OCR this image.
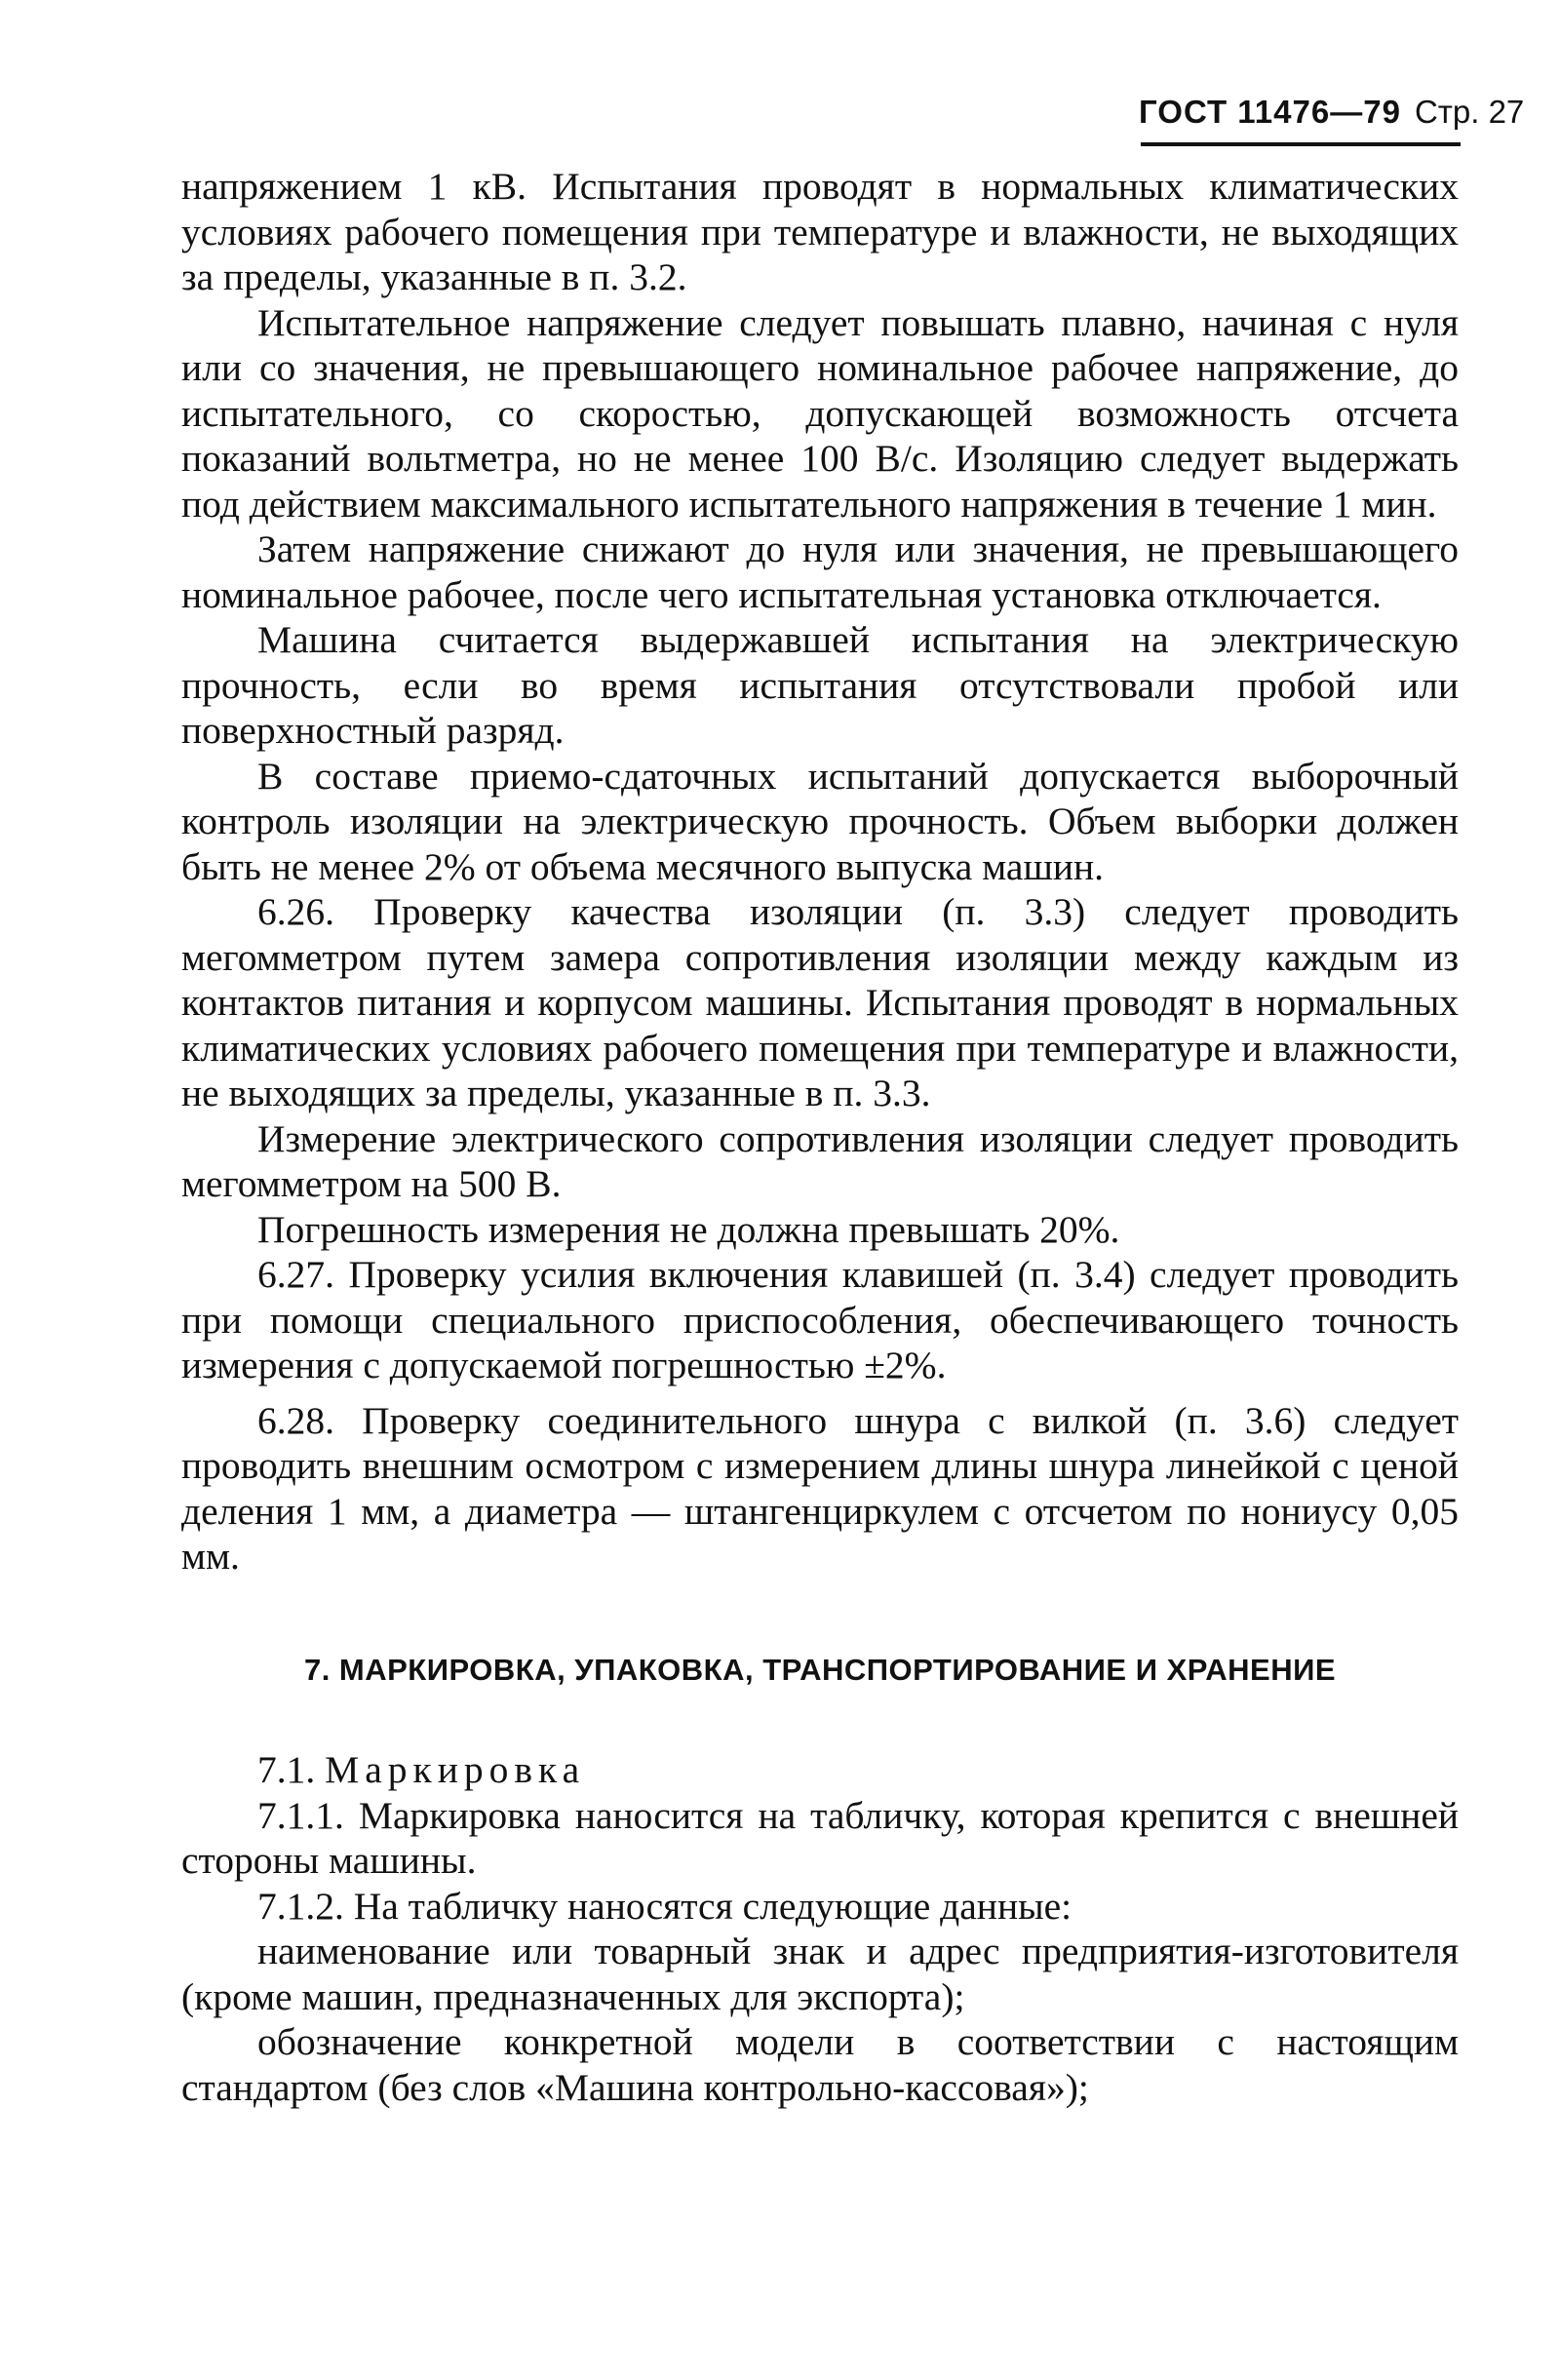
ГОСТ 11476—79 Стр. 27

напряжением 1 кВ. Испытания проводят в нормальных климатических условиях рабочего помещения при температуре и влажности, не выходящих за пределы, указанные в п. 3.2.

Испытательное напряжение следует повышать плавно, начиная с нуля или со значения, не превышающего номинальное рабочее напряжение, до испытательного, со скоростью, допускающей возможность отсчета показаний вольтметра, но не менее 100 В/с. Изоляцию следует выдержать под действием максимального испытательного напряжения в течение 1 мин.

Затем напряжение снижают до нуля или значения, не превышающего номинальное рабочее, после чего испытательная установка отключается.

Машина считается выдержавшей испытания на электрическую прочность, если во время испытания отсутствовали пробой или поверхностный разряд.

В составе приемо-сдаточных испытаний допускается выборочный контроль изоляции на электрическую прочность. Объем выборки должен быть не менее 2% от объема месячного выпуска машин.

6.26. Проверку качества изоляции (п. 3.3) следует проводить мегомметром путем замера сопротивления изоляции между каждым из контактов питания и корпусом машины. Испытания проводят в нормальных климатических условиях рабочего помещения при температуре и влажности, не выходящих за пределы, указанные в п. 3.3.

Измерение электрического сопротивления изоляции следует проводить мегомметром на 500 В.

Погрешность измерения не должна превышать 20%.

6.27. Проверку усилия включения клавишей (п. 3.4) следует проводить при помощи специального приспособления, обеспечивающего точность измерения с допускаемой погрешностью ±2%.

6.28. Проверку соединительного шнура с вилкой (п. 3.6) следует проводить внешним осмотром с измерением длины шнура линейкой с ценой деления 1 мм, а диаметра — штангенциркулем с отсчетом по нониусу 0,05 мм.

7. МАРКИРОВКА, УПАКОВКА, ТРАНСПОРТИРОВАНИЕ И ХРАНЕНИЕ

7.1. Маркировка

7.1.1. Маркировка наносится на табличку, которая крепится с внешней стороны машины.

7.1.2. На табличку наносятся следующие данные:

наименование или товарный знак и адрес предприятия-изготовителя (кроме машин, предназначенных для экспорта);

обозначение конкретной модели в соответствии с настоящим стандартом (без слов «Машина контрольно-кассовая»);
